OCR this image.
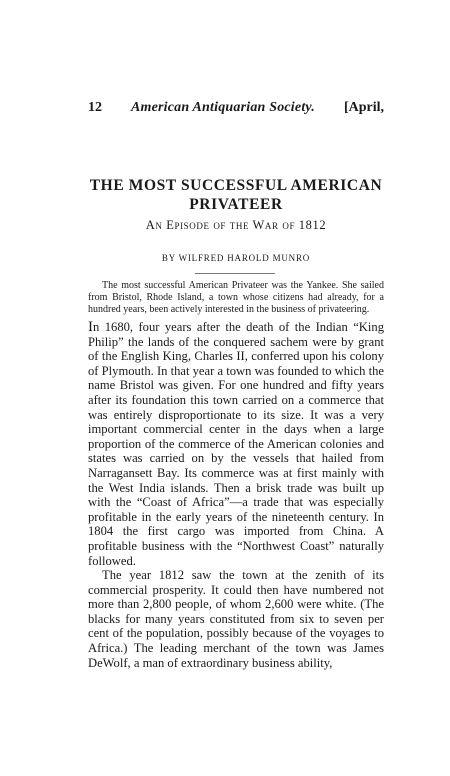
12 American Antiquarian Society. [April,
THE MOST SUCCESSFUL AMERICAN PRIVATEER
An Episode of the War of 1812
BY WILFRED HAROLD MUNRO
The most successful American Privateer was the Yankee. She sailed from Bristol, Rhode Island, a town whose citizens had already, for a hundred years, been actively interested in the business of privateering.

In 1680, four years after the death of the Indian “King Philip” the lands of the conquered sachem were by grant of the English King, Charles II, conferred upon his colony of Plymouth. In that year a town was founded to which the name Bristol was given. For one hundred and fifty years after its foundation this town carried on a commerce that was entirely disproportionate to its size. It was a very important commercial center in the days when a large proportion of the commerce of the American colonies and states was carried on by the vessels that hailed from Narragansett Bay. Its commerce was at first mainly with the West India islands. Then a brisk trade was built up with the “Coast of Africa”—a trade that was especially profitable in the early years of the nineteenth century. In 1804 the first cargo was imported from China. A profitable business with the “Northwest Coast” naturally followed.

The year 1812 saw the town at the zenith of its commercial prosperity. It could then have numbered not more than 2,800 people, of whom 2,600 were white. (The blacks for many years constituted from six to seven per cent of the population, possibly because of the voyages to Africa.) The leading merchant of the town was James DeWolf, a man of extraordinary business ability,
